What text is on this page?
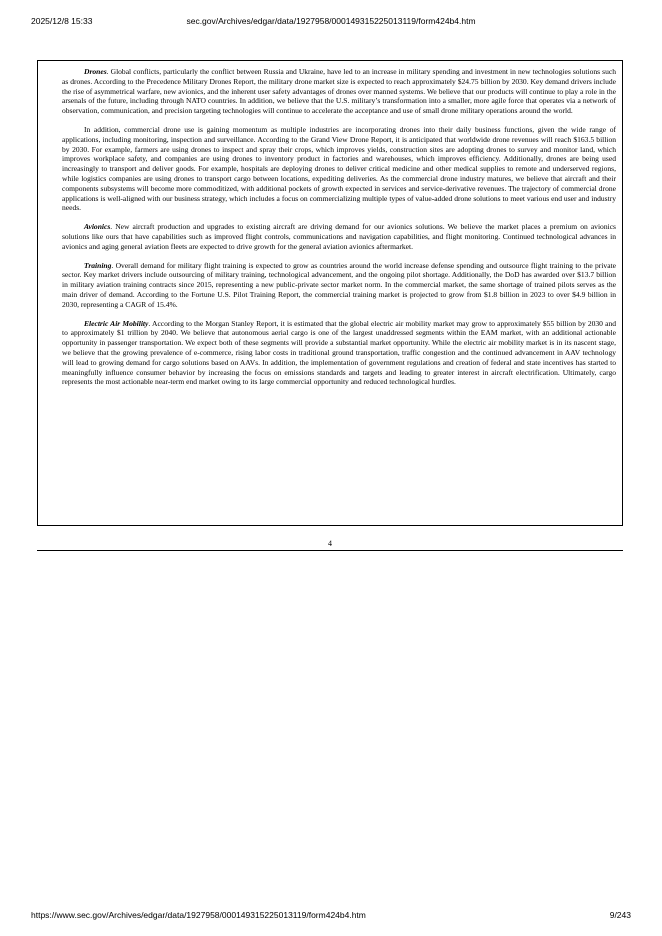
2025/12/8 15:33	sec.gov/Archives/edgar/data/1927958/000149315225013119/form424b4.htm

Drones. Global conflicts, particularly the conflict between Russia and Ukraine, have led to an increase in military spending and investment in new technologies solutions such as drones. According to the Precedence Military Drones Report, the military drone market size is expected to reach approximately $24.75 billion by 2030. Key demand drivers include the rise of asymmetrical warfare, new avionics, and the inherent user safety advantages of drones over manned systems. We believe that our products will continue to play a role in the arsenals of the future, including through NATO countries. In addition, we believe that the U.S. military’s transformation into a smaller, more agile force that operates via a network of observation, communication, and precision targeting technologies will continue to accelerate the acceptance and use of small drone military operations around the world.

In addition, commercial drone use is gaining momentum as multiple industries are incorporating drones into their daily business functions, given the wide range of applications, including monitoring, inspection and surveillance. According to the Grand View Drone Report, it is anticipated that worldwide drone revenues will reach $163.5 billion by 2030. For example, farmers are using drones to inspect and spray their crops, which improves yields, construction sites are adopting drones to survey and monitor land, which improves workplace safety, and companies are using drones to inventory product in factories and warehouses, which improves efficiency. Additionally, drones are being used increasingly to transport and deliver goods. For example, hospitals are deploying drones to deliver critical medicine and other medical supplies to remote and underserved regions, while logistics companies are using drones to transport cargo between locations, expediting deliveries. As the commercial drone industry matures, we believe that aircraft and their components subsystems will become more commoditized, with additional pockets of growth expected in services and service-derivative revenues. The trajectory of commercial drone applications is well-aligned with our business strategy, which includes a focus on commercializing multiple types of value-added drone solutions to meet various end user and industry needs.

Avionics. New aircraft production and upgrades to existing aircraft are driving demand for our avionics solutions. We believe the market places a premium on avionics solutions like ours that have capabilities such as improved flight controls, communications and navigation capabilities, and flight monitoring. Continued technological advances in avionics and aging general aviation fleets are expected to drive growth for the general aviation avionics aftermarket.

Training. Overall demand for military flight training is expected to grow as countries around the world increase defense spending and outsource flight training to the private sector. Key market drivers include outsourcing of military training, technological advancement, and the ongoing pilot shortage. Additionally, the DoD has awarded over $13.7 billion in military aviation training contracts since 2015, representing a new public-private sector market norm. In the commercial market, the same shortage of trained pilots serves as the main driver of demand. According to the Fortune U.S. Pilot Training Report, the commercial training market is projected to grow from $1.8 billion in 2023 to over $4.9 billion in 2030, representing a CAGR of 15.4%.

Electric Air Mobility. According to the Morgan Stanley Report, it is estimated that the global electric air mobility market may grow to approximately $55 billion by 2030 and to approximately $1 trillion by 2040. We believe that autonomous aerial cargo is one of the largest unaddressed segments within the EAM market, with an additional actionable opportunity in passenger transportation. We expect both of these segments will provide a substantial market opportunity. While the electric air mobility market is in its nascent stage, we believe that the growing prevalence of e-commerce, rising labor costs in traditional ground transportation, traffic congestion and the continued advancement in AAV technology will lead to growing demand for cargo solutions based on AAVs. In addition, the implementation of government regulations and creation of federal and state incentives has started to meaningfully influence consumer behavior by increasing the focus on emissions standards and targets and leading to greater interest in aircraft electrification. Ultimately, cargo represents the most actionable near-term end market owing to its large commercial opportunity and reduced technological hurdles.

4
https://www.sec.gov/Archives/edgar/data/1927958/000149315225013119/form424b4.htm	9/243
